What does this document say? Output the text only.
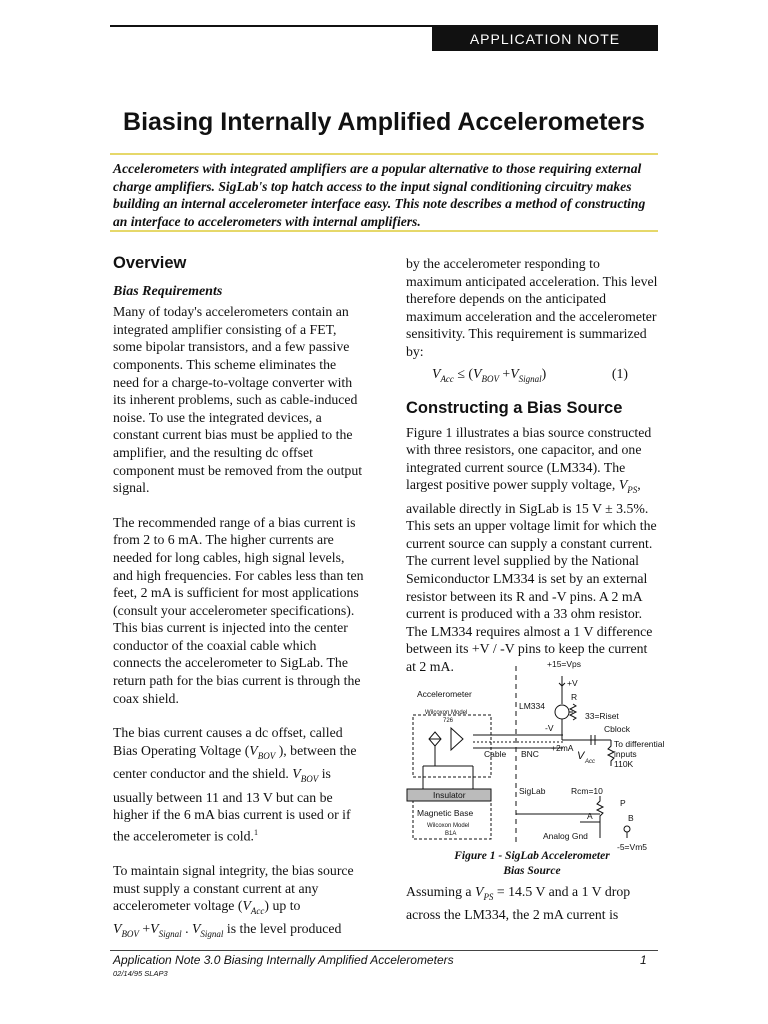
APPLICATION NOTE
Biasing Internally Amplified Accelerometers
Accelerometers with integrated amplifiers are a popular alternative to those requiring external charge amplifiers. SigLab's top hatch access to the input signal conditioning circuitry makes building an internal accelerometer interface easy. This note describes a method of constructing an interface to accelerometers with internal amplifiers.
Overview
Bias Requirements

Many of today's accelerometers contain an integrated amplifier consisting of a FET, some bipolar transistors, and a few passive components. This scheme eliminates the need for a charge-to-voltage converter with its inherent problems, such as cable-induced noise. To use the integrated devices, a constant current bias must be applied to the amplifier, and the resulting dc offset component must be removed from the output signal.

The recommended range of a bias current is from 2 to 6 mA. The higher currents are needed for long cables, high signal levels, and high frequencies. For cables less than ten feet, 2 mA is sufficient for most applications (consult your accelerometer specifications). This bias current is injected into the center conductor of the coaxial cable which connects the accelerometer to SigLab. The return path for the bias current is through the coax shield.

The bias current causes a dc offset, called Bias Operating Voltage ($V_{BOV}$ ), between the center conductor and the shield. $V_{BOV}$ is usually between 11 and 13 V but can be higher if the 6 mA bias current is used or if the accelerometer is cold.$^1$

To maintain signal integrity, the bias source must supply a constant current at any accelerometer voltage $(V_{Acc})$ up to
$V_{BOV} +V_{Signal}$ . $V_{Signal}$ is the level produced

by the accelerometer responding to maximum anticipated acceleration. This level therefore depends on the anticipated maximum acceleration and the accelerometer sensitivity. This requirement is summarized by:

$V_{Acc} \le (V_{BOV} +V_{Signal})$	(1)

Constructing a Bias Source

Figure 1 illustrates a bias source constructed with three resistors, one capacitor, and one integrated current source (LM334). The largest positive power supply voltage, $V_{PS}$, available directly in SigLab is 15 V ± 3.5%. This sets an upper voltage limit for which the current source can supply a constant current. The current level supplied by the National Semiconductor LM334 is set by an external resistor between its R and -V pins. A 2 mA current is produced with a 33 ohm resistor. The LM334 requires almost a 1 V difference between its +V / -V pins to keep the current at 2 mA.	+15=Vps
+V
R
-V
33=Riset
Cblock
Accelerometer
Wilcoxon Model
726
LM334
+2mA
Cable BNC	V Acc
To differential
inputs
110K
Insulator
Magnetic Base
Wilcoxon Model
B1A
SigLab	Rcm=10
P
A	B
Analog Gnd
-5=Vm5
Figure 1 - SigLab Accelerometer
Bias Source

Assuming a $V_{PS} = 14.5$ V and a 1 V drop across the LM334, the 2 mA current is

Application Note 3.0 Biasing Internally Amplified Accelerometers	1
02/14/95 SLAP3
